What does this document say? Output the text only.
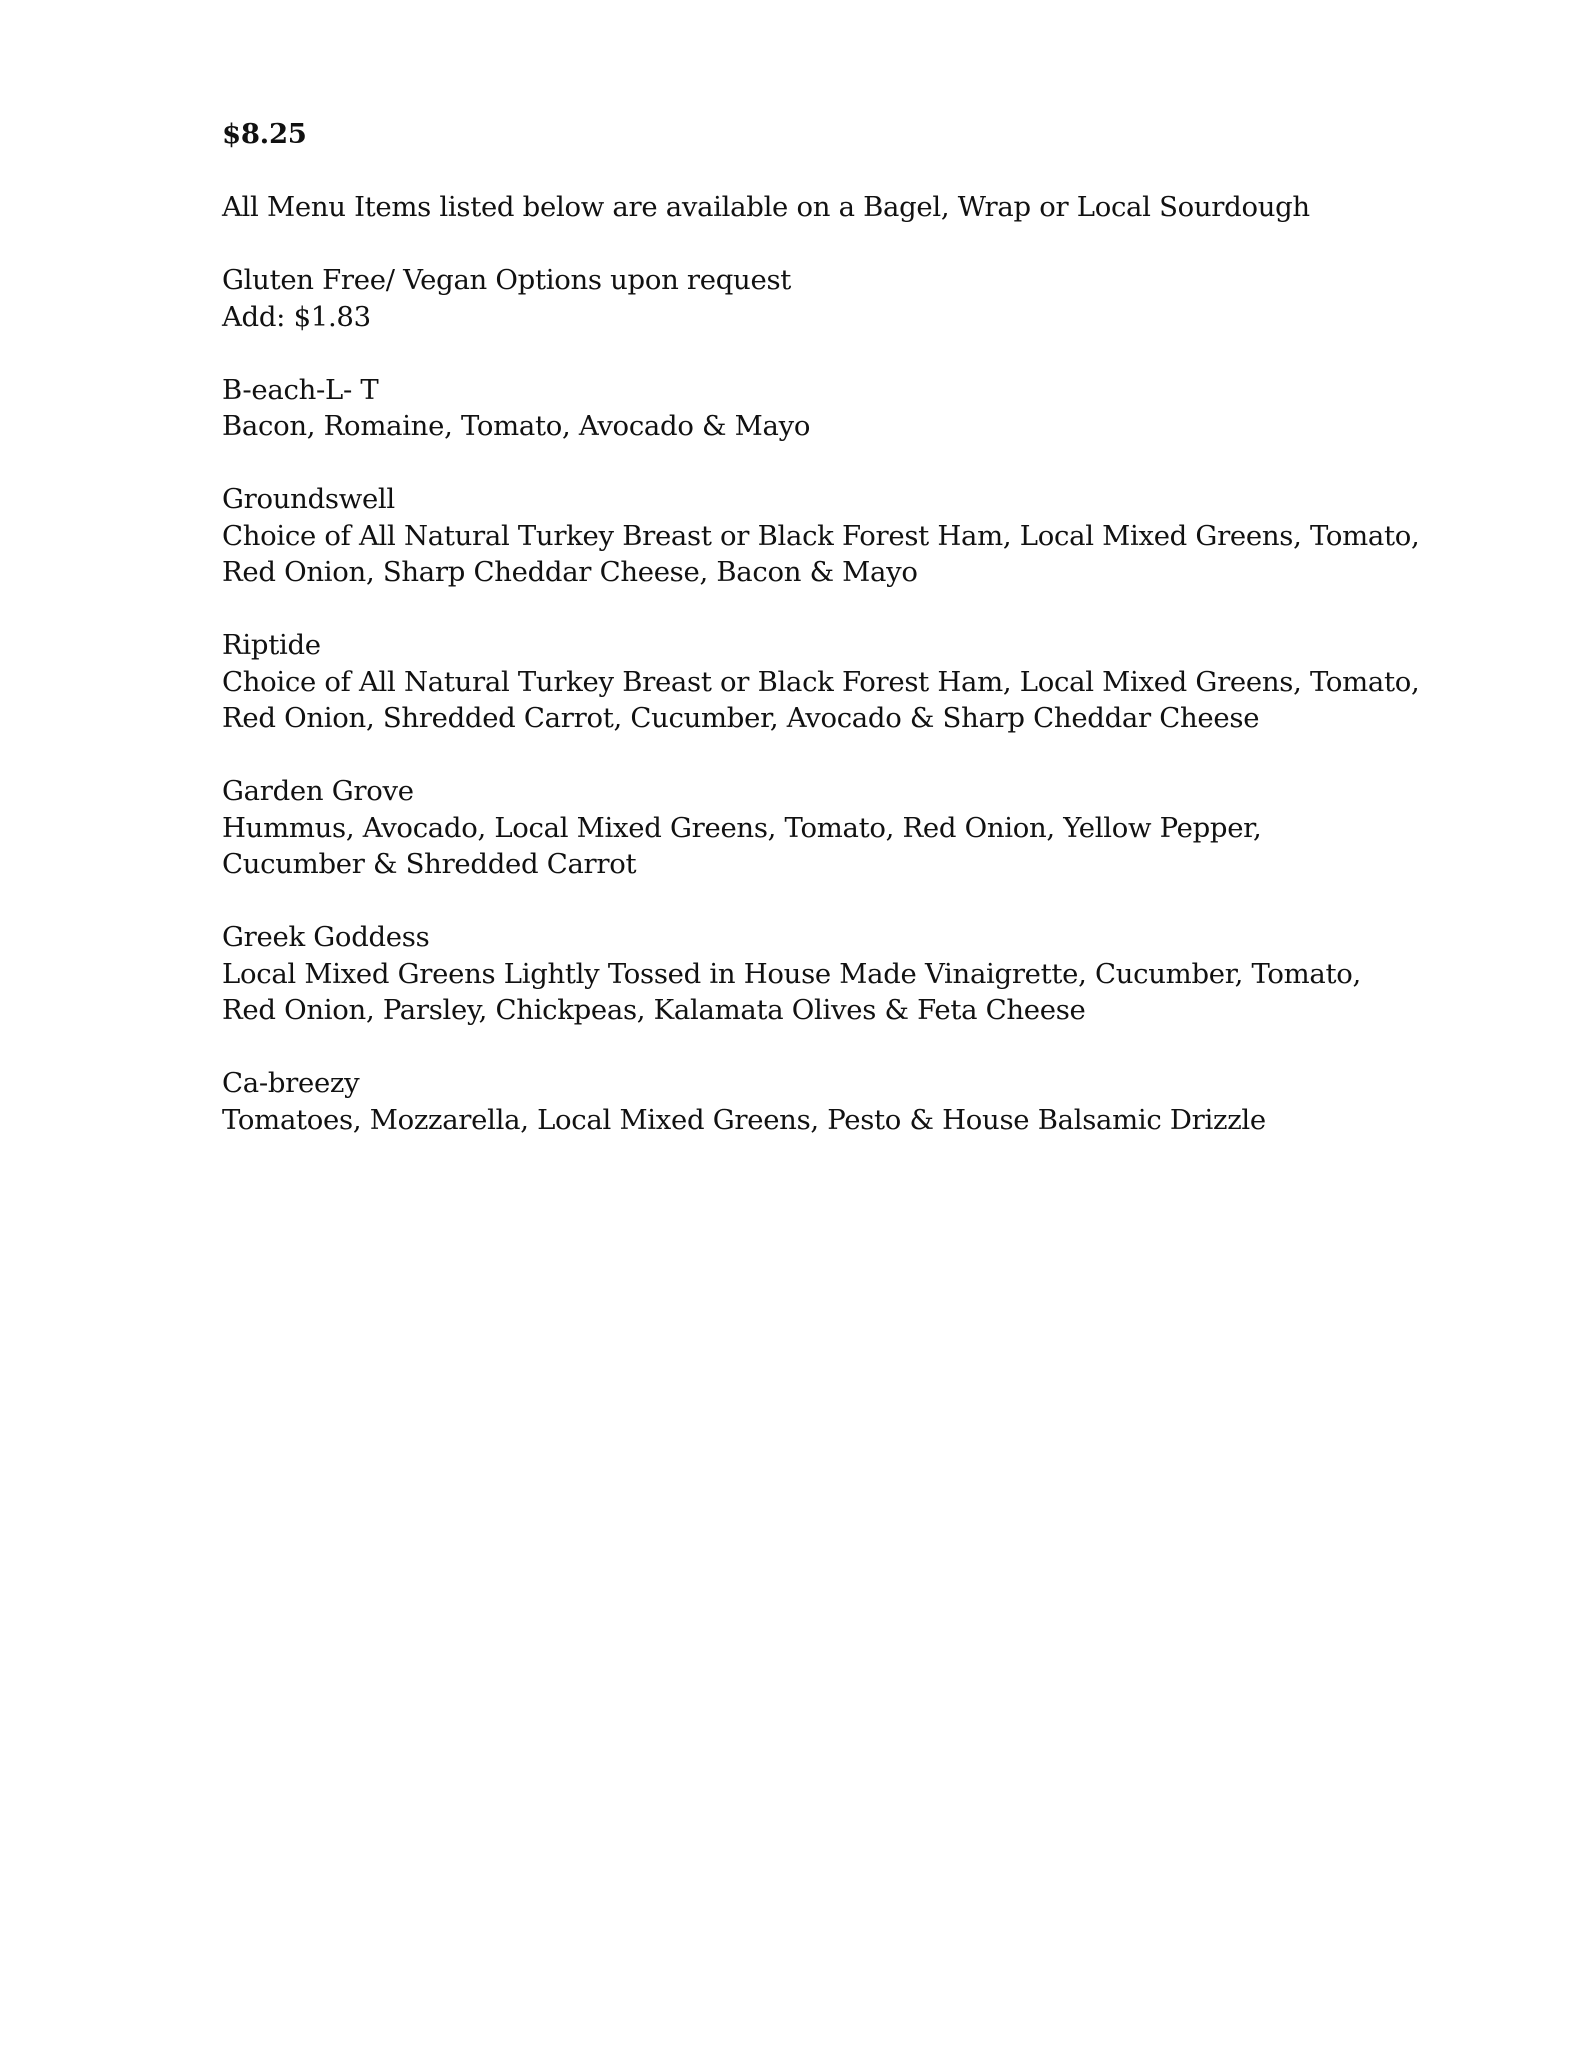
$8.25
All Menu Items listed below are available on a Bagel, Wrap or Local Sourdough
Gluten Free/ Vegan Options upon request
Add: $1.83
B-each-L- T
Bacon, Romaine, Tomato, Avocado & Mayo
Groundswell
Choice of All Natural Turkey Breast or Black Forest Ham, Local Mixed Greens, Tomato,
Red Onion, Sharp Cheddar Cheese, Bacon & Mayo
Riptide
Choice of All Natural Turkey Breast or Black Forest Ham, Local Mixed Greens, Tomato,
Red Onion, Shredded Carrot, Cucumber, Avocado & Sharp Cheddar Cheese
Garden Grove
Hummus, Avocado, Local Mixed Greens, Tomato, Red Onion, Yellow Pepper,
Cucumber & Shredded Carrot
Greek Goddess
Local Mixed Greens Lightly Tossed in House Made Vinaigrette, Cucumber, Tomato,
Red Onion, Parsley, Chickpeas, Kalamata Olives & Feta Cheese
Ca-breezy
Tomatoes, Mozzarella, Local Mixed Greens, Pesto & House Balsamic Drizzle
